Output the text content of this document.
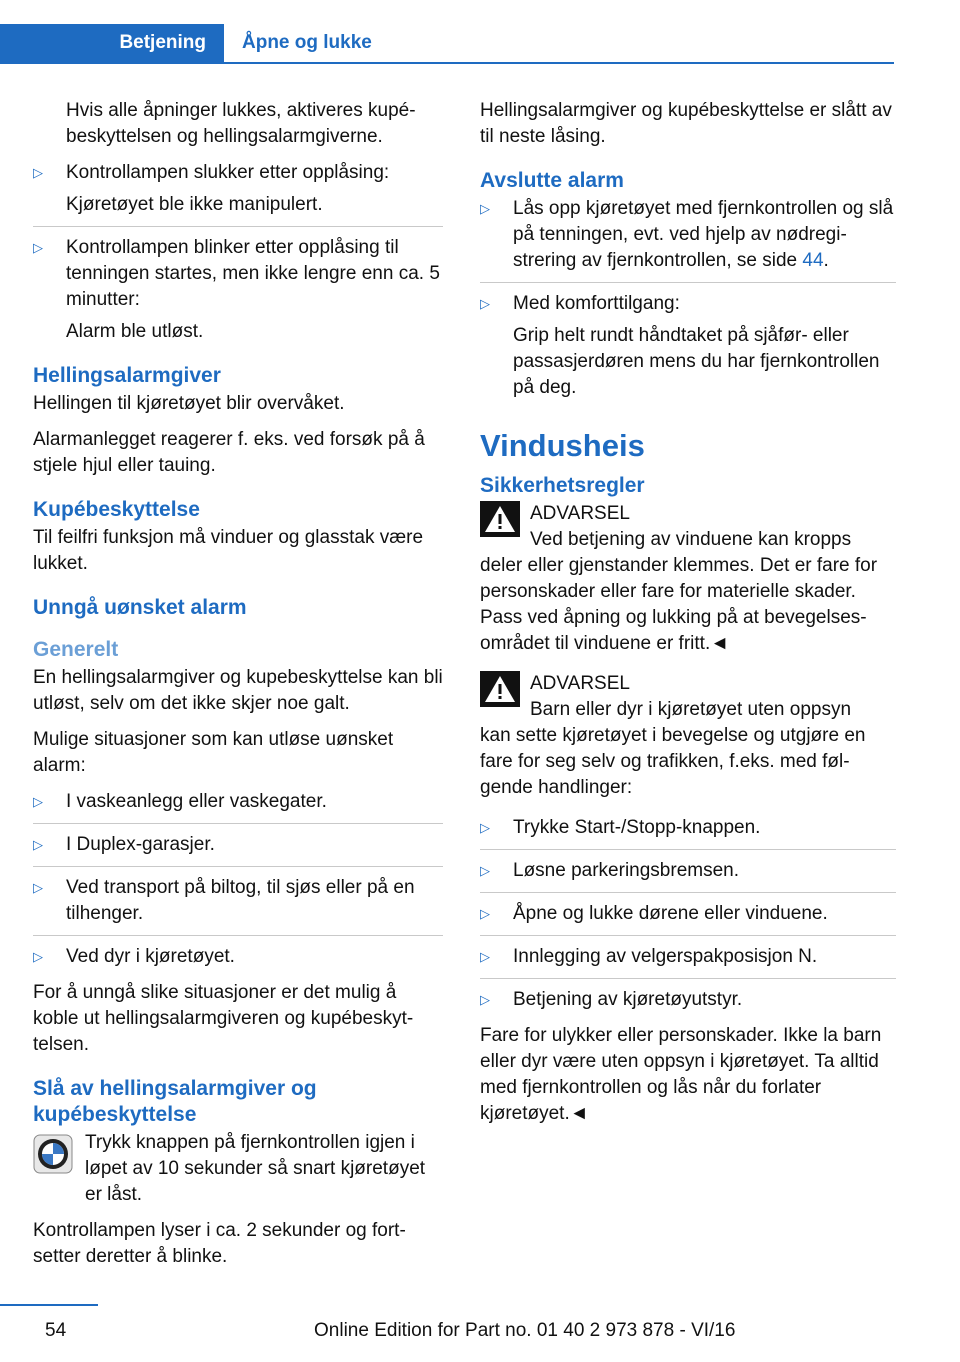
Betjening Åpne og lukke

Hvis alle åpninger lukkes, aktiveres kupébeskyttelsen og hellingsalarmgiverne.

▷ Kontrollampen slukker etter opplåsing:
Kjøretøyet ble ikke manipulert.
▷ Kontrollampen blinker etter opplåsing til tenningen startes, men ikke lengre enn ca. 5 minutter:
Alarm ble utløst.
Hellingsalarmgiver

Hellingen til kjøretøyet blir overvåket.

Alarmanlegget reagerer f. eks. ved forsøk på å stjele hjul eller tauing.

Kupébeskyttelse

Til feilfri funksjon må vinduer og glasstak være lukket.

Unngå uønsket alarm
Generelt

En hellingsalarmgiver og kupebeskyttelse kan bli utløst, selv om det ikke skjer noe galt.

Mulige situasjoner som kan utløse uønsket alarm:

▷ I vaskeanlegg eller vaskegater.
▷ I Duplex-garasjer.
▷ Ved transport på biltog, til sjøs eller på en tilhenger.
▷ Ved dyr i kjøretøyet.

For å unngå slike situasjoner er det mulig å koble ut hellingsalarmgiveren og kupébeskyttelsen.

Slå av hellingsalarmgiver og kupébeskyttelse

Trykk knappen på fjernkontrollen igjen i løpet av 10 sekunder så snart kjøretøyet er låst.

Kontrollampen lyser i ca. 2 sekunder og fortsetter deretter å blinke.

Hellingsalarmgiver og kupébeskyttelse er slått av til neste låsing.

Avslutte alarm
▷ Lås opp kjøretøyet med fjernkontrollen og slå på tenningen, evt. ved hjelp av nødregistrering av fjernkontrollen, se side 44.
▷ Med komforttilgang:
Grip helt rundt håndtaket på sjåfør- eller passasjerdøren mens du har fjernkontrollen på deg.
Vindusheis
Sikkerhetsregler
ADVARSEL
Ved betjening av vinduene kan kropps
deler eller gjenstander klemmes. Det er fare for personskader eller fare for materielle skader. Pass ved åpning og lukking på at bevegelsesområdet til vinduene er fritt.◄
ADVARSEL
Barn eller dyr i kjøretøyet uten oppsyn
kan sette kjøretøyet i bevegelse og utgjøre en fare for seg selv og trafikken, f.eks. med følgende handlinger:
▷ Trykke Start-/Stopp-knappen.
▷ Løsne parkeringsbremsen.
▷ Åpne og lukke dørene eller vinduene.
▷ Innlegging av velgerspakposisjon N.
▷ Betjening av kjøretøyutstyr.

Fare for ulykker eller personskader. Ikke la barn eller dyr være uten oppsyn i kjøretøyet. Ta alltid med fjernkontrollen og lås når du forlater kjøretøyet.◄

54	Online Edition for Part no. 01 40 2 973 878 - VI/16
